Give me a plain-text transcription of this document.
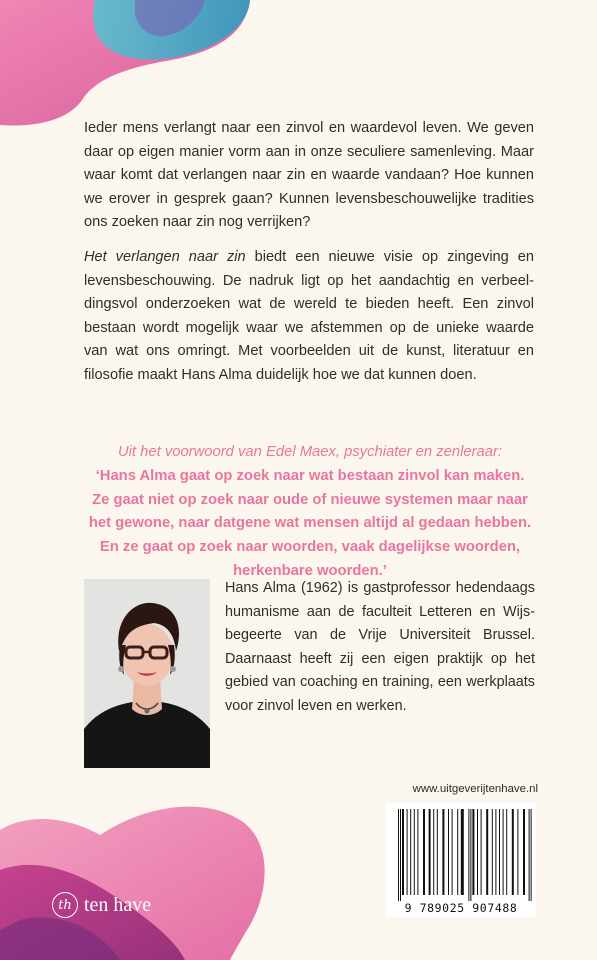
Ieder mens verlangt naar een zinvol en waardevol leven. We geven
daar op eigen manier vorm aan in onze seculiere samenleving. Maar
waar komt dat verlangen naar zin en waarde vandaan? Hoe kunnen
we erover in gesprek gaan? Kunnen levensbeschouwelijke tradities
ons zoeken naar zin nog verrijken?

Het verlangen naar zin biedt een nieuwe visie op zingeving en
levensbeschouwing. De nadruk ligt op het aandachtig en verbeel-
dingsvol onderzoeken wat de wereld te bieden heeft. Een zinvol
bestaan wordt mogelijk waar we afstemmen op de unieke waarde
van wat ons omringt. Met voorbeelden uit de kunst, literatuur en
filosofie maakt Hans Alma duidelijk hoe we dat kunnen doen.

Uit het voorwoord van Edel Maex, psychiater en zenleraar:
‘Hans Alma gaat op zoek naar wat bestaan zinvol kan maken.
Ze gaat niet op zoek naar oude of nieuwe systemen maar naar
het gewone, naar datgene wat mensen altijd al gedaan hebben.
En ze gaat op zoek naar woorden, vaak dagelijkse woorden,
herkenbare woorden.’

Hans Alma (1962) is gastprofessor hedendaags
humanisme aan de faculteit Letteren en Wijs-
begeerte van de Vrije Universiteit Brussel.
Daarnaast heeft zij een eigen praktijk op het
gebied van coaching en training, een werkplaats
voor zinvol leven en werken.

www.uitgeverijtenhave.nl
9 789025 907488
th ten have
